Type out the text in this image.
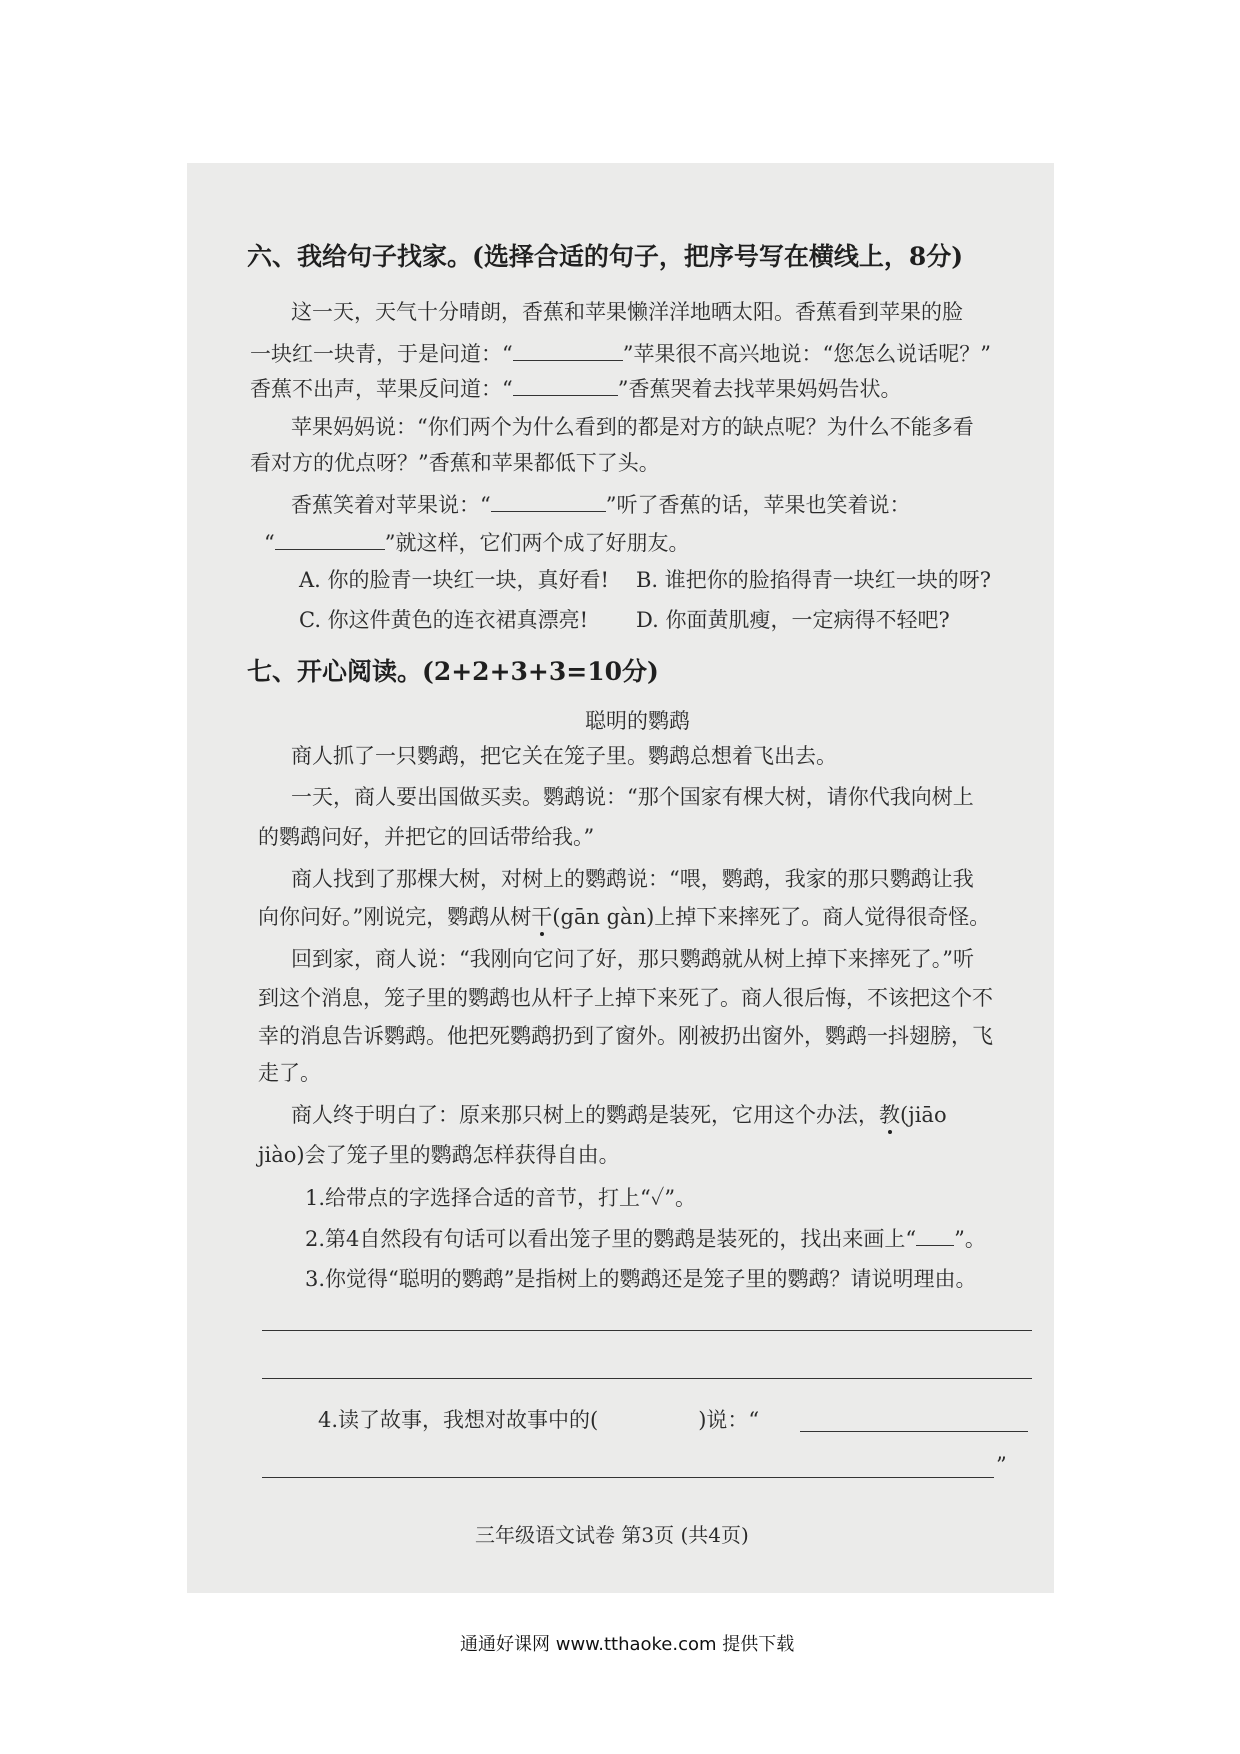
六、我给句子找家。(选择合适的句子，把序号写在横线上，8分)
这一天，天气十分晴朗，香蕉和苹果懒洋洋地晒太阳。香蕉看到苹果的脸
一块红一块青，于是问道：“	”苹果很不高兴地说：“您怎么说话呢？”
香蕉不出声，苹果反问道：“	”香蕉哭着去找苹果妈妈告状。
苹果妈妈说：“你们两个为什么看到的都是对方的缺点呢？为什么不能多看
看对方的优点呀？”香蕉和苹果都低下了头。
香蕉笑着对苹果说：“	”听了香蕉的话，苹果也笑着说：
“	”就这样，它们两个成了好朋友。
A. 你的脸青一块红一块，真好看! B. 谁把你的脸掐得青一块红一块的呀?
C. 你这件黄色的连衣裙真漂亮! D. 你面黄肌瘦，一定病得不轻吧?
七、开心阅读。(2+2+3+3=10分)
聪明的鹦鹉
商人抓了一只鹦鹉，把它关在笼子里。鹦鹉总想着飞出去。
一天，商人要出国做买卖。鹦鹉说：“那个国家有棵大树，请你代我向树上
的鹦鹉问好，并把它的回话带给我。”
商人找到了那棵大树，对树上的鹦鹉说：“喂，鹦鹉，我家的那只鹦鹉让我
向你问好。”刚说完，鹦鹉从树干(gān gàn)上掉下来摔死了。商人觉得很奇怪。
回到家，商人说：“我刚向它问了好，那只鹦鹉就从树上掉下来摔死了。”听
到这个消息，笼子里的鹦鹉也从杆子上掉下来死了。商人很后悔，不该把这个不
幸的消息告诉鹦鹉。他把死鹦鹉扔到了窗外。刚被扔出窗外，鹦鹉一抖翅膀，飞
走了。
商人终于明白了：原来那只树上的鹦鹉是装死，它用这个办法，教(jiāo
jiào)会了笼子里的鹦鹉怎样获得自由。
1.给带点的字选择合适的音节，打上“✓”。
2.第4自然段有句话可以看出笼子里的鹦鹉是装死的，找出来画上“ ”。
3.你觉得“聪明的鹦鹉”是指树上的鹦鹉还是笼子里的鹦鹉？请说明理由。
4.读了故事，我想对故事中的(	)说：“
”
三年级语文试卷 第3页 (共4页)
通通好课网 www.tthaoke.com 提供下载
